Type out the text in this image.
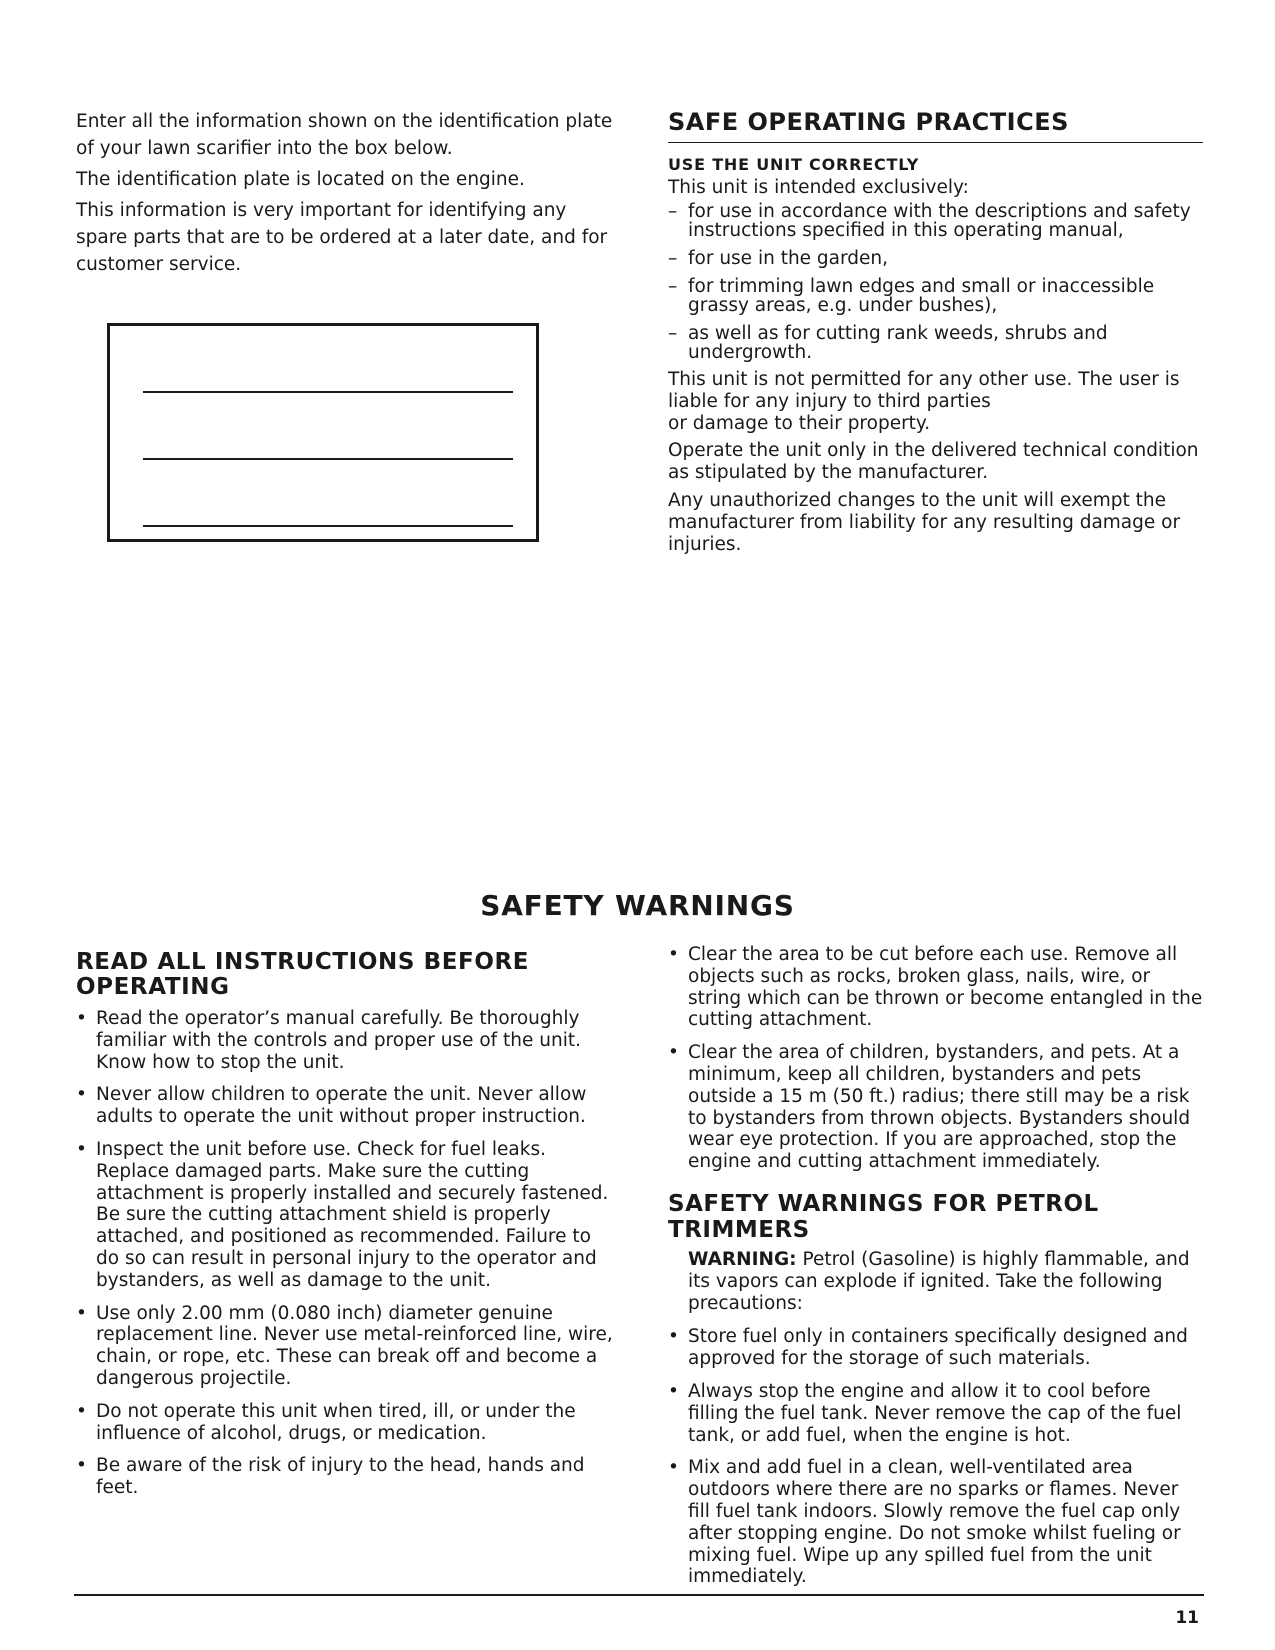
Enter all the information shown on the identification plate of your lawn scarifier into the box below.

The identification plate is located on the engine.

This information is very important for identifying any spare parts that are to be ordered at a later date, and for customer service.

SAFE OPERATING PRACTICES
USE THE UNIT CORRECTLY

This unit is intended exclusively:

– for use in accordance with the descriptions and safety instructions specified in this operating manual,
– for use in the garden,
– for trimming lawn edges and small or inaccessible grassy areas, e.g. under bushes),
– as well as for cutting rank weeds, shrubs and undergrowth.

This unit is not permitted for any other use. The user is liable for any injury to third parties
or damage to their property.

Operate the unit only in the delivered technical condition as stipulated by the manufacturer.

Any unauthorized changes to the unit will exempt the manufacturer from liability for any resulting damage or injuries.

SAFETY WARNINGS
READ ALL INSTRUCTIONS BEFORE OPERATING
• Read the operator’s manual carefully. Be thoroughly familiar with the controls and proper use of the unit. Know how to stop the unit.
• Never allow children to operate the unit. Never allow adults to operate the unit without proper instruction.
• Inspect the unit before use. Check for fuel leaks. Replace damaged parts. Make sure the cutting attachment is properly installed and securely fastened. Be sure the cutting attachment shield is properly attached, and positioned as recommended. Failure to do so can result in personal injury to the operator and bystanders, as well as damage to the unit.
• Use only 2.00 mm (0.080 inch) diameter genuine replacement line. Never use metal-reinforced line, wire, chain, or rope, etc. These can break off and become a dangerous projectile.
• Do not operate this unit when tired, ill, or under the influence of alcohol, drugs, or medication.
• Be aware of the risk of injury to the head, hands and feet.
• Clear the area to be cut before each use. Remove all objects such as rocks, broken glass, nails, wire, or string which can be thrown or become entangled in the cutting attachment.
• Clear the area of children, bystanders, and pets. At a minimum, keep all children, bystanders and pets outside a 15 m (50 ft.) radius; there still may be a risk to bystanders from thrown objects. Bystanders should wear eye protection. If you are approached, stop the engine and cutting attachment immediately.
SAFETY WARNINGS FOR PETROL TRIMMERS
WARNING: Petrol (Gasoline) is highly flammable, and its vapors can explode if ignited. Take the following precautions:
• Store fuel only in containers specifically designed and approved for the storage of such materials.
• Always stop the engine and allow it to cool before filling the fuel tank. Never remove the cap of the fuel tank, or add fuel, when the engine is hot.
• Mix and add fuel in a clean, well-ventilated area outdoors where there are no sparks or flames. Never fill fuel tank indoors. Slowly remove the fuel cap only after stopping engine. Do not smoke whilst fueling or mixing fuel. Wipe up any spilled fuel from the unit immediately.
11
